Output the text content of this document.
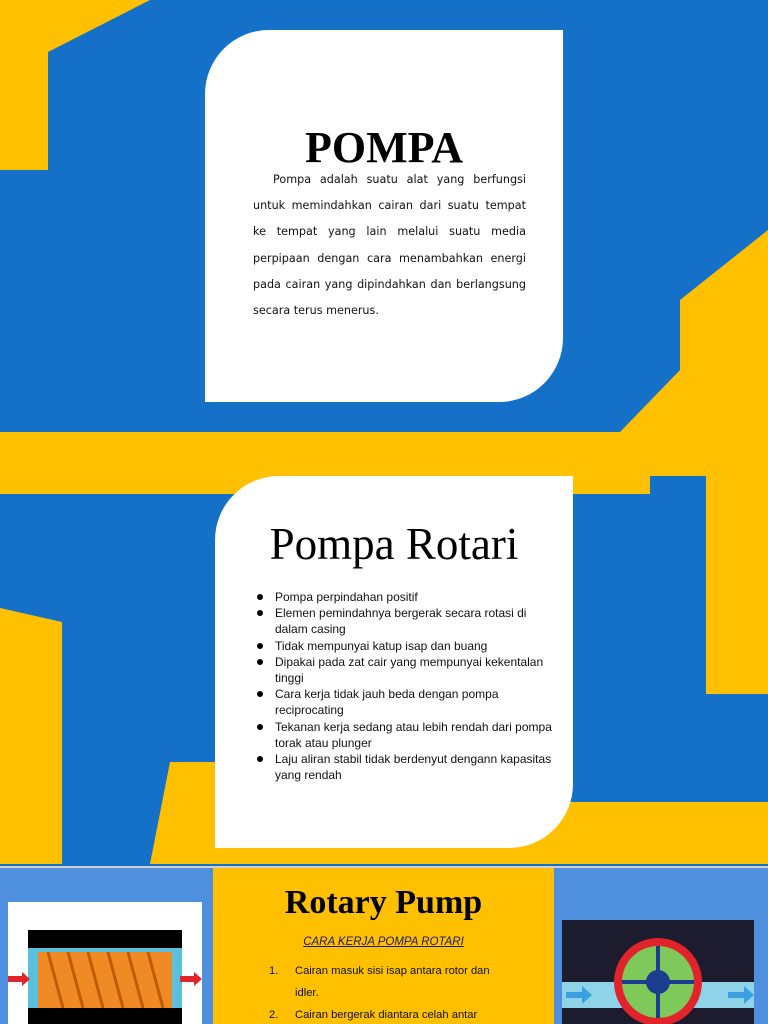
POMPA

Pompa adalah suatu alat yang berfungsi untuk memindahkan cairan dari suatu tempat ke tempat yang lain melalui suatu media perpipaan dengan cara menambahkan energi pada cairan yang dipindahkan dan berlangsung secara terus menerus.

Pompa Rotari
Pompa perpindahan positif
Elemen pemindahnya bergerak secara rotasi di dalam casing
Tidak mempunyai katup isap dan buang
Dipakai pada zat cair yang mempunyai kekentalan tinggi
Cara kerja tidak jauh beda dengan pompa reciprocating
Tekanan kerja sedang atau lebih rendah dari pompa torak atau plunger
Laju aliran stabil tidak berdenyut dengann kapasitas yang rendah
Rotary Pump
CARA KERJA POMPA ROTARI
1. Cairan masuk sisi isap antara rotor dan idler.
2. Cairan bergerak diantara celah antar
